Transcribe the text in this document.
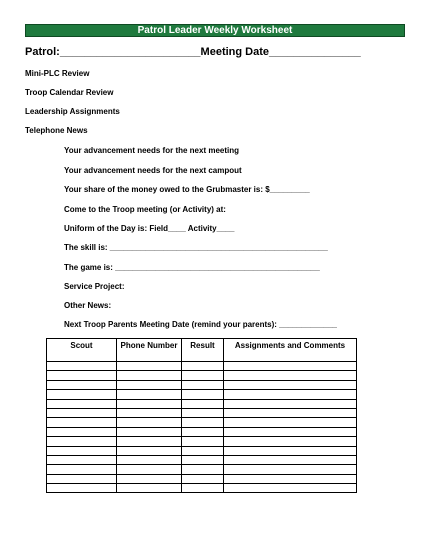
Patrol Leader Weekly Worksheet
Patrol:_______________________Meeting Date_______________
Mini-PLC Review
Troop Calendar Review
Leadership Assignments
Telephone News
Your advancement needs for the next meeting
Your advancement needs for the next campout
Your share of the money owed to the Grubmaster is: $_________
Come to the Troop meeting (or Activity) at:
Uniform of the Day is: Field____ Activity____
The skill is: _________________________________________________
The game is: ______________________________________________
Service Project:
Other News:
Next Troop Parents Meeting Date (remind your parents): _____________
Scout	Phone Number	Result	Assignments and Comments
